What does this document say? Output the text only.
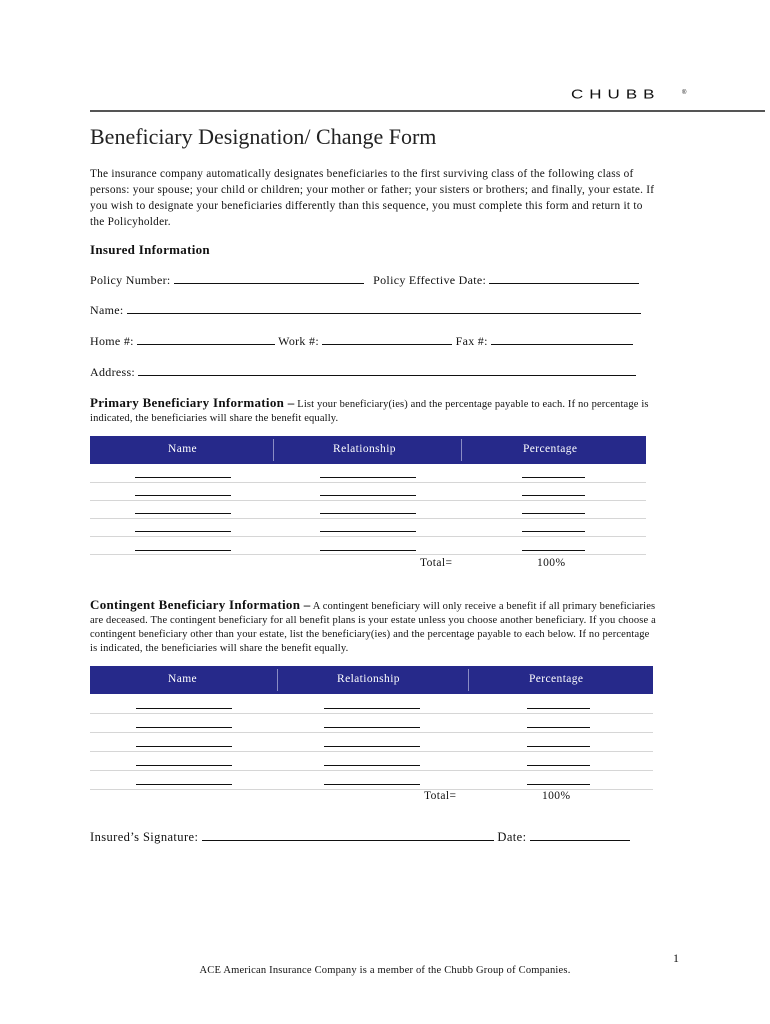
CHUBB	®
Beneficiary Designation/ Change Form
The insurance company automatically designates beneficiaries to the first surviving class of the following class of persons: your spouse; your child or children; your mother or father; your sisters or brothers; and finally, your estate. If you wish to designate your beneficiaries differently than this sequence, you must complete this form and return it to the Policyholder.
Insured Information
Policy Number:	Policy Effective Date:
Name:
Home #:	Work #:	Fax #:
Address:
Primary Beneficiary Information – List your beneficiary(ies) and the percentage payable to each. If no percentage is indicated, the beneficiaries will share the benefit equally.
Name	Relationship	Percentage
Total=	100%
Contingent Beneficiary Information – A contingent beneficiary will only receive a benefit if all primary beneficiaries are deceased. The contingent beneficiary for all benefit plans is your estate unless you choose another beneficiary. If you choose a contingent beneficiary other than your estate, list the beneficiary(ies) and the percentage payable to each below. If no percentage is indicated, the beneficiaries will share the benefit equally.
Name	Relationship	Percentage
Total=	100%
Insured’s Signature:	Date:
1
ACE American Insurance Company is a member of the Chubb Group of Companies.
